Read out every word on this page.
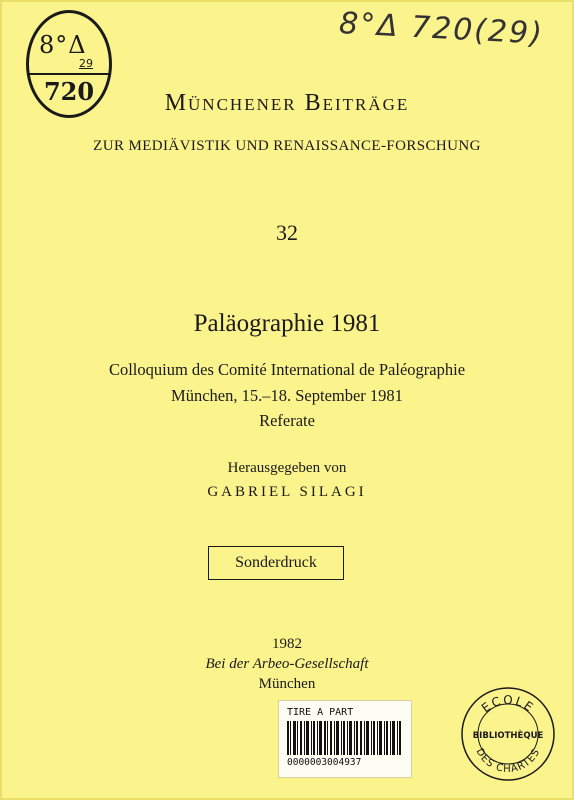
8°Δ
29
720
8°Δ 720(29)
Münchener Beiträge
ZUR MEDIÄVISTIK UND RENAISSANCE-FORSCHUNG
32
Paläographie 1981
Colloquium des Comité International de Paléographie
München, 15.–18. September 1981
Referate
Herausgegeben von
GABRIEL SILAGI
Sonderdruck
1982
Bei der Arbeo-Gesellschaft
München
TIRE A PART
0000003004937
ECOLE
BIBLIOTHÈQUE
DES CHARTES
